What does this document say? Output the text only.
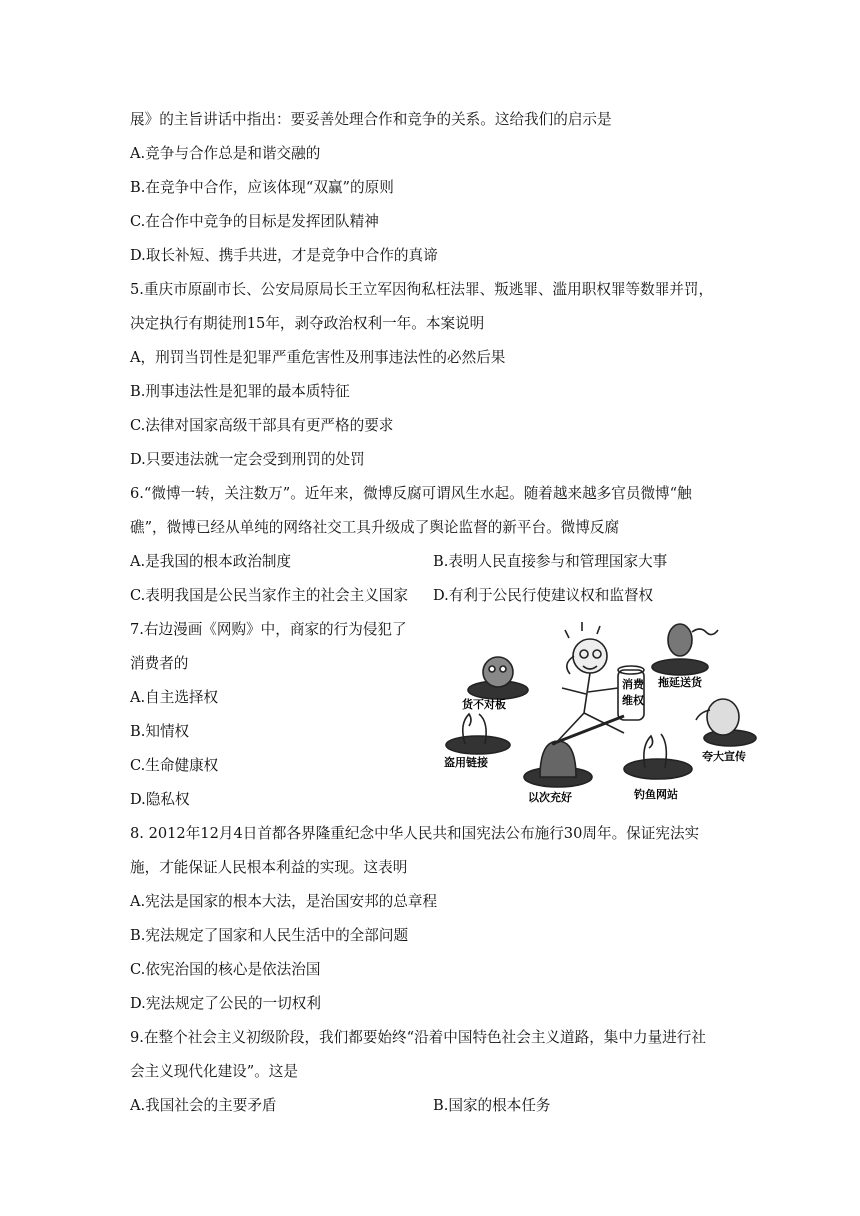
展》的主旨讲话中指出：要妥善处理合作和竞争的关系。这给我们的启示是
A.竞争与合作总是和谐交融的
B.在竞争中合作，应该体现“双赢”的原则
C.在合作中竞争的目标是发挥团队精神
D.取长补短、携手共进，才是竞争中合作的真谛
5.重庆市原副市长、公安局原局长王立军因徇私枉法罪、叛逃罪、滥用职权罪等数罪并罚，
决定执行有期徒刑15年，剥夺政治权利一年。本案说明
A，刑罚当罚性是犯罪严重危害性及刑事违法性的必然后果
B.刑事违法性是犯罪的最本质特征
C.法律对国家高级干部具有更严格的要求
D.只要违法就一定会受到刑罚的处罚
6.“微博一转，关注数万”。近年来，微博反腐可谓风生水起。随着越来越多官员微博“触
礁”，微博已经从单纯的网络社交工具升级成了舆论监督的新平台。微博反腐
A.是我国的根本政治制度	B.表明人民直接参与和管理国家大事
C.表明我国是公民当家作主的社会主义国家 D.有利于公民行使建议权和监督权
7.右边漫画《网购》中，商家的行为侵犯了
消费者的
A.自主选择权
B.知情权
C.生命健康权
D.隐私权
8. 2012年12月4日首都各界隆重纪念中华人民共和国宪法公布施行30周年。保证宪法实
施，才能保证人民根本利益的实现。这表明
A.宪法是国家的根本大法，是治国安邦的总章程
B.宪法规定了国家和人民生活中的全部问题
C.依宪治国的核心是依法治国
D.宪法规定了公民的一切权利
9.在整个社会主义初级阶段，我们都要始终“沿着中国特色社会主义道路，集中力量进行社
会主义现代化建设”。这是
A.我国社会的主要矛盾	B.国家的根本任务
货不对板
拖延送货
夸大宣传
盗用链接
以次充好	钓鱼网站
消费
维权
